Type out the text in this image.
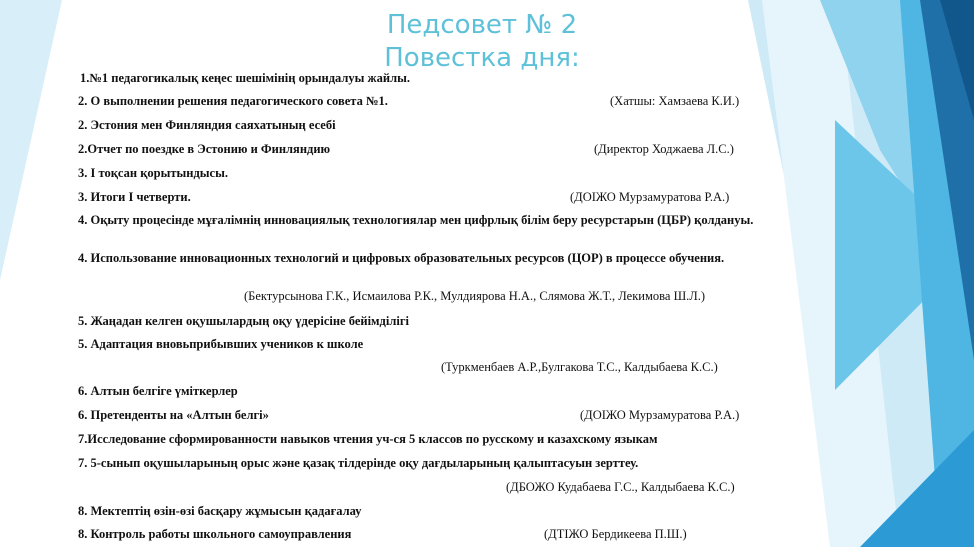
Педсовет № 2
Повестка дня:
1.№1 педагогикалық кеңес шешімінің орындалуы жайлы.
2. О выполнении решения педагогического совета №1.	(Хатшы: Хамзаева К.И.)
2. Эстония мен Финляндия саяхатының есебі
2.Отчет по поездке в Эстонию и Финляндию	(Директор Ходжаева Л.С.)
3. I тоқсан қорытындысы.
3. Итоги I четверти.	(ДОІЖО Мурзамуратова Р.А.)
4. Оқыту процесінде мұғалімнің инновациялық технологиялар мен цифрлық білім беру ресурстарын (ЦБР) қолдануы.
4. Использование инновационных технологий и цифровых образовательных ресурсов (ЦОР) в процессе обучения.
(Бектурсынова Г.К., Исмаилова Р.К., Мулдиярова Н.А., Слямова Ж.Т., Лекимова Ш.Л.)
5. Жаңадан келген оқушылардың оқу үдерісіне бейімділігі
5. Адаптация вновьприбывших учеников к школе
(Туркменбаев А.Р.,Булгакова Т.С., Калдыбаева К.С.)
6. Алтын белгіге үміткерлер
6. Претенденты на «Алтын белгі»	(ДОІЖО Мурзамуратова Р.А.)
7.Исследование сформированности навыков чтения уч-ся 5 классов по русскому и казахскому языкам
7. 5-сынып оқушыларының орыс және қазақ тілдерінде оқу дағдыларының қалыптасуын зерттеу.
(ДБОЖО Кудабаева Г.С., Калдыбаева К.С.)
8. Мектептің өзін-өзі басқару жұмысын қадағалау
8. Контроль работы школьного самоуправления	(ДТІЖО Бердикеева П.Ш.)
